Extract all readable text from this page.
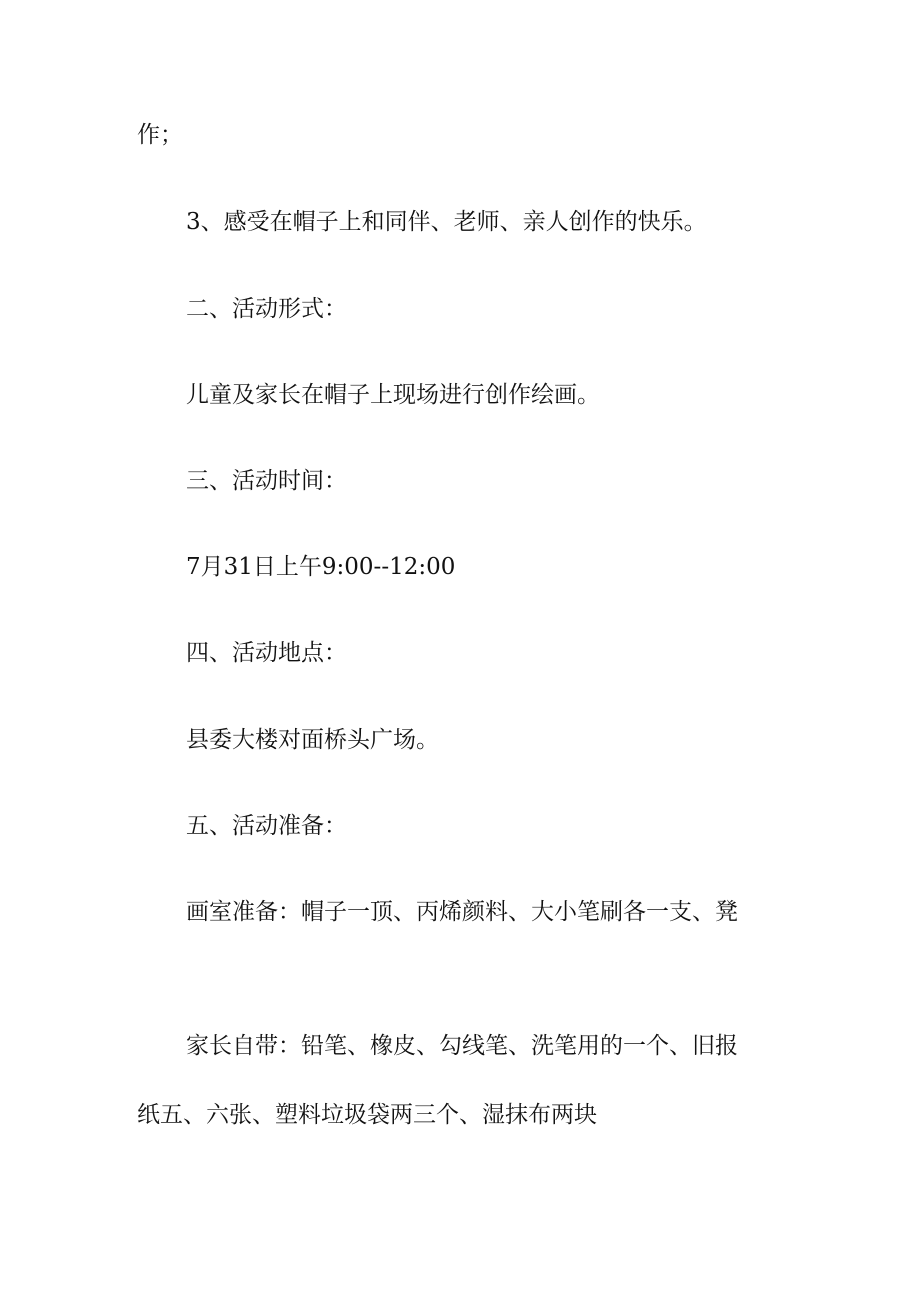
作；
3、感受在帽子上和同伴、老师、亲人创作的快乐。
二、活动形式：
儿童及家长在帽子上现场进行创作绘画。
三、活动时间：
7月31日上午9:00--12:00
四、活动地点：
县委大楼对面桥头广场。
五、活动准备：
画室准备：帽子一顶、丙烯颜料、大小笔刷各一支、凳
家长自带：铅笔、橡皮、勾线笔、洗笔用的一个、旧报
纸五、六张、塑料垃圾袋两三个、湿抹布两块
